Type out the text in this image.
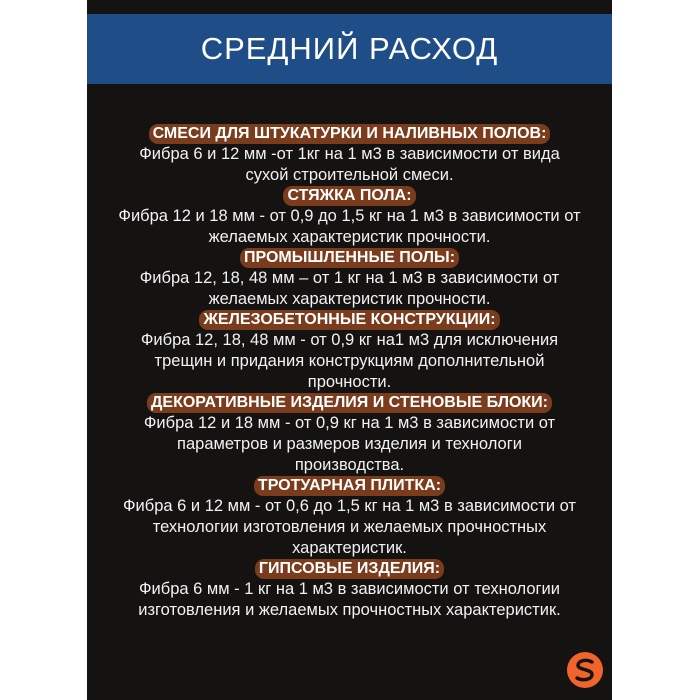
СРЕДНИЙ РАСХОД
СМЕСИ ДЛЯ ШТУКАТУРКИ И НАЛИВНЫХ ПОЛОВ:
Фибра 6 и 12 мм -от 1кг на 1 м3 в зависимости от вида
сухой строительной смеси.
СТЯЖКА ПОЛА:
Фибра 12 и 18 мм - от 0,9 до 1,5 кг на 1 м3 в зависимости от
желаемых характеристик прочности.
ПРОМЫШЛЕННЫЕ ПОЛЫ:
Фибра 12, 18, 48 мм – от 1 кг на 1 м3 в зависимости от
желаемых характеристик прочности.
ЖЕЛЕЗОБЕТОННЫЕ КОНСТРУКЦИИ:
Фибра 12, 18, 48 мм - от 0,9 кг на1 м3 для исключения
трещин и придания конструкциям дополнительной
прочности.
ДЕКОРАТИВНЫЕ ИЗДЕЛИЯ И СТЕНОВЫЕ БЛОКИ:
Фибра 12 и 18 мм - от 0,9 кг на 1 м3 в зависимости от
параметров и размеров изделия и технологи
производства.
ТРОТУАРНАЯ ПЛИТКА:
Фибра 6 и 12 мм - от 0,6 до 1,5 кг на 1 м3 в зависимости от
технологии изготовления и желаемых прочностных
характеристик.
ГИПСОВЫЕ ИЗДЕЛИЯ:
Фибра 6 мм - 1 кг на 1 м3 в зависимости от технологии
изготовления и желаемых прочностных характеристик.
